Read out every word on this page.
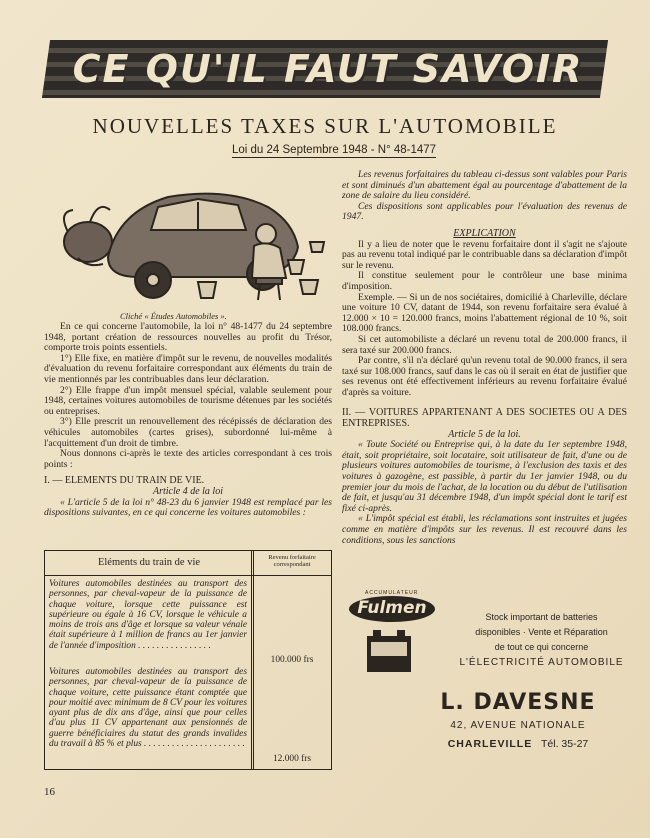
CE QU'IL FAUT SAVOIR
NOUVELLES TAXES SUR L'AUTOMOBILE
Loi du 24 Septembre 1948 - N° 48-1477
Cliché « Études Automobiles ».

En ce qui concerne l'automobile, la loi n° 48-1477 du 24 septembre 1948, portant création de ressources nouvelles au profit du Trésor, comporte trois points essentiels.

1°) Elle fixe, en matière d'impôt sur le revenu, de nouvelles modalités d'évaluation du revenu forfaitaire correspondant aux éléments du train de vie mentionnés par les contribuables dans leur déclaration.

2°) Elle frappe d'un impôt mensuel spécial, valable seulement pour 1948, certaines voitures automobiles de tourisme détenues par les sociétés ou entreprises.

3°) Elle prescrit un renouvellement des récépissés de déclaration des véhicules automobiles (cartes grises), subordonné lui-même à l'acquittement d'un droit de timbre.

Nous donnons ci-après le texte des articles correspondant à ces trois points :

I. — ELEMENTS DU TRAIN DE VIE.

Article 4 de la loi

« L'article 5 de la loi n° 48-23 du 6 janvier 1948 est remplacé par les dispositions suivantes, en ce qui concerne les voitures automobiles :

Eléments du train de vie	Revenu forfaitaire correspondant
Voitures automobiles destinées au transport des personnes, par cheval-vapeur de la puissance de chaque voiture, lorsque cette puissance est supérieure ou égale à 16 CV, lorsque le véhicule a moins de trois ans d'âge et lorsque sa valeur vénale était supérieure à 1 million de francs au 1er janvier de l'année d'imposition . . . . . . . . . . . . . . . .
100.000 frs
Voitures automobiles destinées au transport des personnes, par cheval-vapeur de la puissance de chaque voiture, cette puissance étant comptée que pour moitié avec minimum de 8 CV pour les voitures ayant plus de dix ans d'âge, ainsi que pour celles d'au plus 11 CV appartenant aux pensionnés de guerre bénéficiaires du statut des grands invalides du travail à 85 % et plus . . . . . . . . . . . . . . . . . . . . . .
12.000 frs

Les revenus forfaitaires du tableau ci-dessus sont valables pour Paris et sont diminués d'un abattement égal au pourcentage d'abattement de la zone de salaire du lieu considéré.

Ces dispositions sont applicables pour l'évaluation des revenus de 1947.

EXPLICATION

Il y a lieu de noter que le revenu forfaitaire dont il s'agit ne s'ajoute pas au revenu total indiqué par le contribuable dans sa déclaration d'impôt sur le revenu.

Il constitue seulement pour le contrôleur une base minima d'imposition.

Exemple. — Si un de nos sociétaires, domicilié à Charleville, déclare une voiture 10 CV, datant de 1944, son revenu forfaitaire sera évalué à 12.000 × 10 = 120.000 francs, moins l'abattement régional de 10 %, soit 108.000 francs.

Si cet automobiliste a déclaré un revenu total de 200.000 francs, il sera taxé sur 200.000 francs.

Par contre, s'il n'a déclaré qu'un revenu total de 90.000 francs, il sera taxé sur 108.000 francs, sauf dans le cas où il serait en état de justifier que ses revenus ont été effectivement inférieurs au revenu forfaitaire évalué d'après sa voiture.

II. — VOITURES APPARTENANT A DES SOCIETES OU A DES ENTREPRISES.

Article 5 de la loi.

« Toute Société ou Entreprise qui, à la date du 1er septembre 1948, était, soit propriétaire, soit locataire, soit utilisateur de fait, d'une ou de plusieurs voitures automobiles de tourisme, à l'exclusion des taxis et des voitures à gazogène, est passible, à partir du 1er janvier 1948, ou du premier jour du mois de l'achat, de la location ou du début de l'utilisation de fait, et jusqu'au 31 décembre 1948, d'un impôt spécial dont le tarif est fixé ci-après.

« L'impôt spécial est établi, les réclamations sont instruites et jugées comme en matière d'impôts sur les revenus. Il est recouvré dans les conditions, sous les sanctions

ACCUMULATEUR
Fulmen	Stock important de batteries
disponibles · Vente et Réparation
de tout ce qui concerne
L'ÉLECTRICITÉ AUTOMOBILE
L. DAVESNE
42, AVENUE NATIONALE
CHARLEVILLE Tél. 35-27
16
